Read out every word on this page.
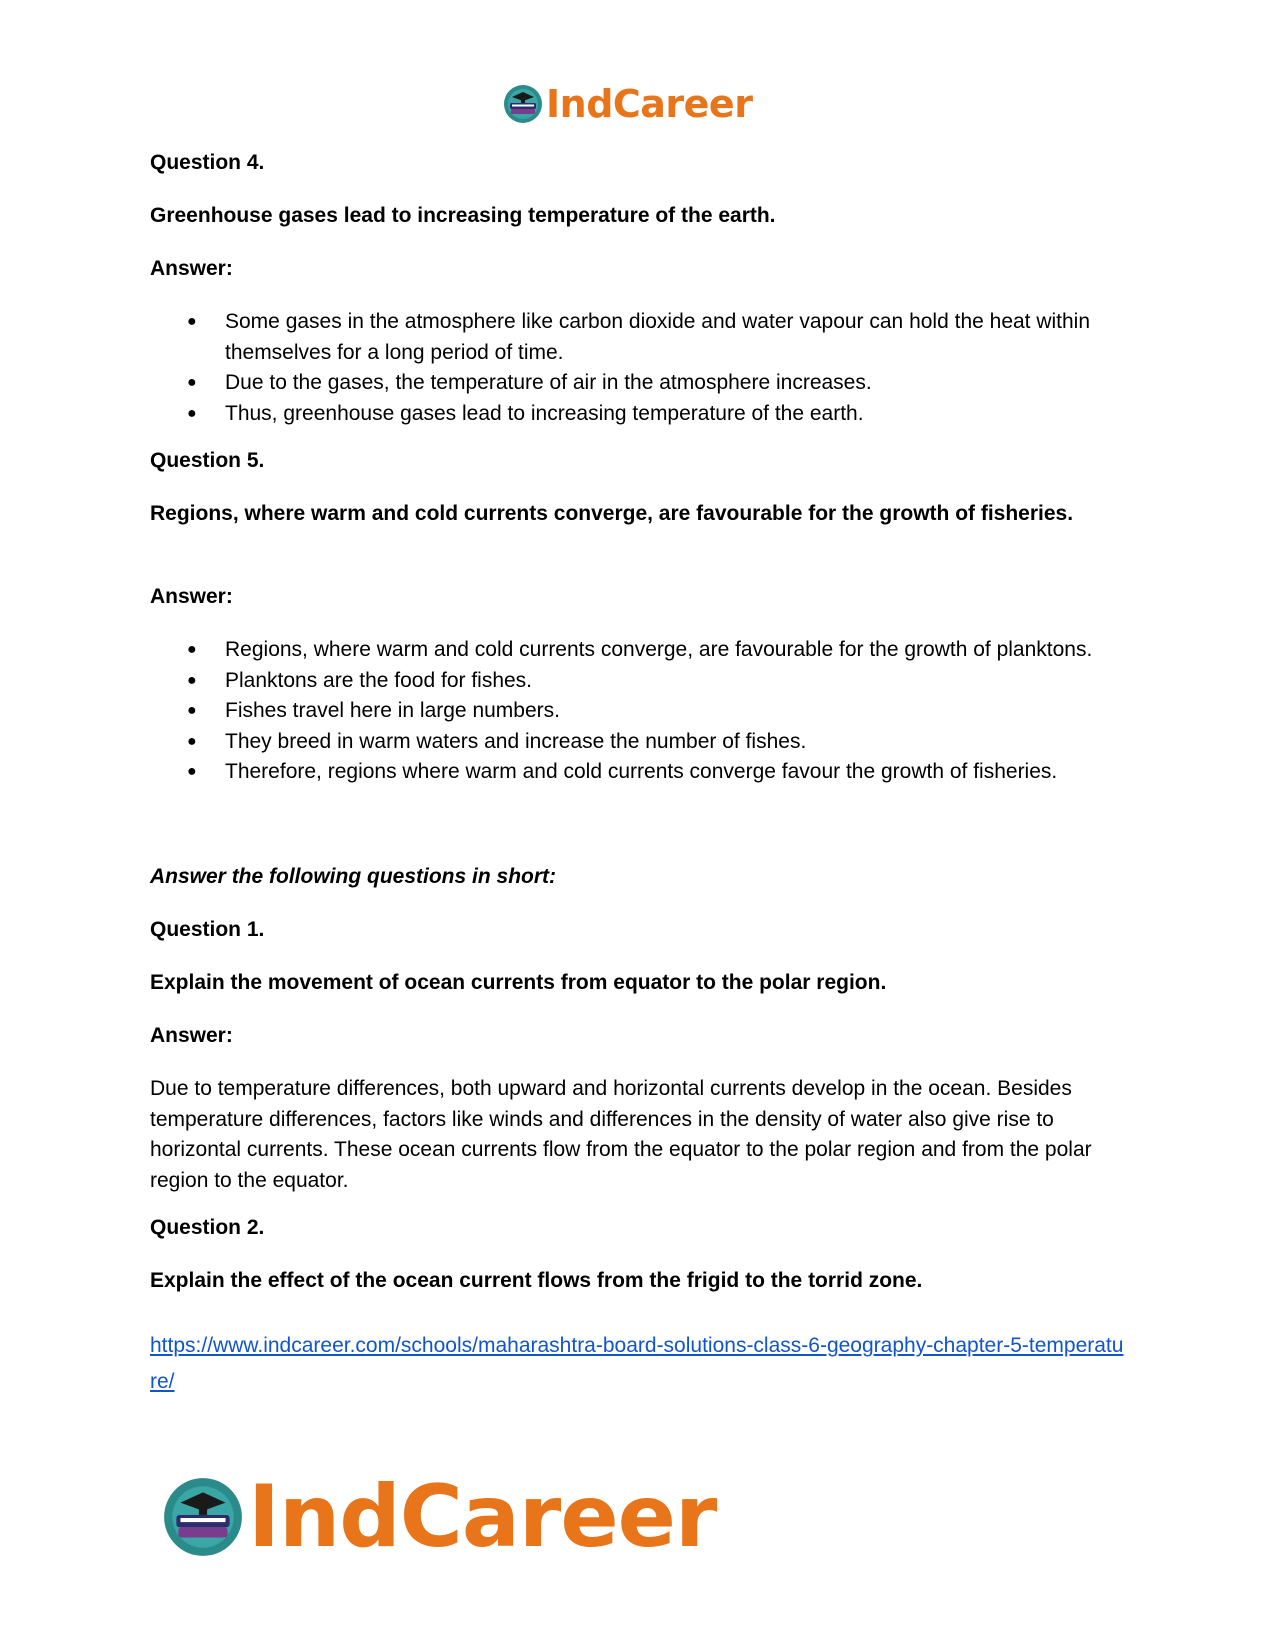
IndCareer
Question 4.
Greenhouse gases lead to increasing temperature of the earth.
Answer:
● Some gases in the atmosphere like carbon dioxide and water vapour can hold the heat within themselves for a long period of time.
● Due to the gases, the temperature of air in the atmosphere increases.
● Thus, greenhouse gases lead to increasing temperature of the earth.
Question 5.
Regions, where warm and cold currents converge, are favourable for the growth of fisheries.
Answer:
● Regions, where warm and cold currents converge, are favourable for the growth of planktons.
● Planktons are the food for fishes.
● Fishes travel here in large numbers.
● They breed in warm waters and increase the number of fishes.
● Therefore, regions where warm and cold currents converge favour the growth of fisheries.
Answer the following questions in short:
Question 1.
Explain the movement of ocean currents from equator to the polar region.
Answer:
Due to temperature differences, both upward and horizontal currents develop in the ocean. Besides temperature differences, factors like winds and differences in the density of water also give rise to horizontal currents. These ocean currents flow from the equator to the polar region and from the polar region to the equator.
Question 2.
Explain the effect of the ocean current flows from the frigid to the torrid zone.
https://www.indcareer.com/schools/maharashtra-board-solutions-class-6-geography-chapter-5-temperature/
IndCareer
